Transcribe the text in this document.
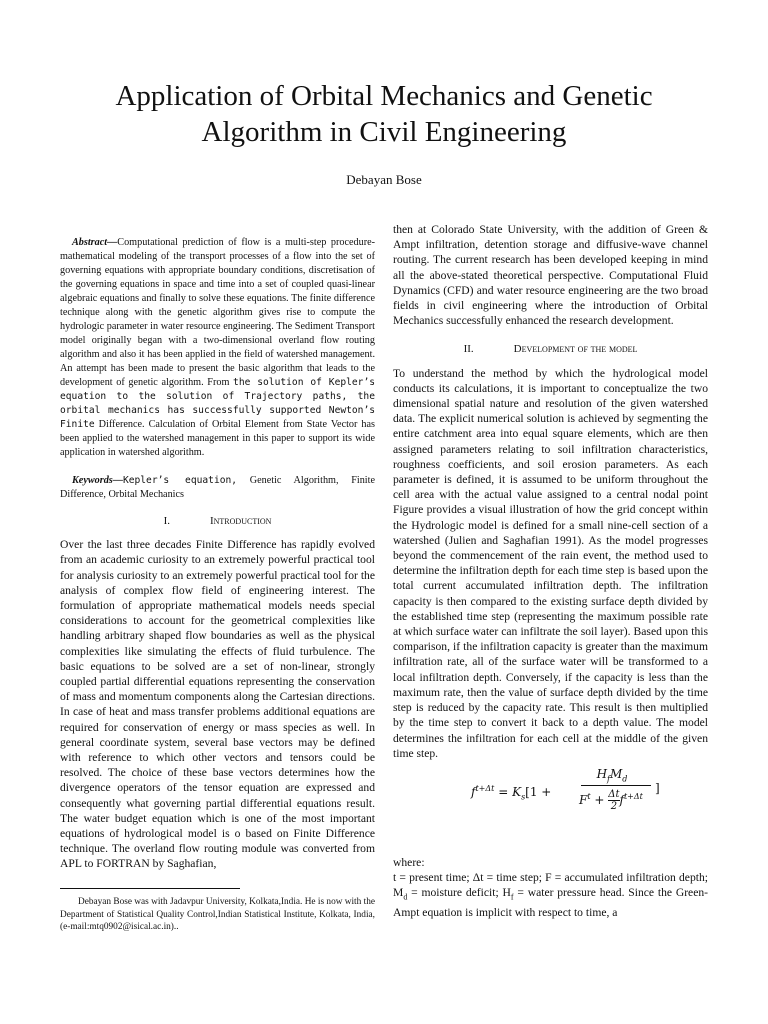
Application of Orbital Mechanics and Genetic Algorithm in Civil Engineering
Debayan Bose

Abstract—Computational prediction of flow is a multi-step procedure-mathematical modeling of the transport processes of a flow into the set of governing equations with appropriate boundary conditions, discretisation of the governing equations in space and time into a set of coupled quasi-linear algebraic equations and finally to solve these equations. The finite difference technique along with the genetic algorithm gives rise to compute the hydrologic parameter in water resource engineering. The Sediment Transport model originally began with a two-dimensional overland flow routing algorithm and also it has been applied in the field of watershed management. An attempt has been made to present the basic algorithm that leads to the development of genetic algorithm. From the solution of Kepler’s equation to the solution of Trajectory paths, the orbital mechanics has successfully supported Newton’s Finite Difference. Calculation of Orbital Element from State Vector has been applied to the watershed management in this paper to support its wide application in watershed algorithm.

Keywords—Kepler’s equation, Genetic Algorithm, Finite Difference, Orbital Mechanics

I.	Introduction

Over the last three decades Finite Difference has rapidly evolved from an academic curiosity to an extremely powerful practical tool for analysis curiosity to an extremely powerful practical tool for the analysis of complex flow field of engineering interest. The formulation of appropriate mathematical models needs special considerations to account for the geometrical complexities like handling arbitrary shaped flow boundaries as well as the physical complexities like simulating the effects of fluid turbulence. The basic equations to be solved are a set of non-linear, strongly coupled partial differential equations representing the conservation of mass and momentum components along the Cartesian directions. In case of heat and mass transfer problems additional equations are required for conservation of energy or mass species as well. In general coordinate system, several base vectors may be defined with reference to which other vectors and tensors could be resolved. The choice of these base vectors determines how the divergence operators of the tensor equation are expressed and consequently what governing partial differential equations result. The water budget equation which is one of the most important equations of hydrological model is o based on Finite Difference technique. The overland flow routing module was converted from APL to FORTRAN by Saghafian,

then at Colorado State University, with the addition of Green & Ampt infiltration, detention storage and diffusive-wave channel routing. The current research has been developed keeping in mind all the above-stated theoretical perspective. Computational Fluid Dynamics (CFD) and water resource engineering are the two broad fields in civil engineering where the introduction of Orbital Mechanics successfully enhanced the research development.

II.	Development of the model

To understand the method by which the hydrological model conducts its calculations, it is important to conceptualize the two dimensional spatial nature and resolution of the given watershed data. The explicit numerical solution is achieved by segmenting the entire catchment area into equal square elements, which are then assigned parameters relating to soil infiltration characteristics, roughness coefficients, and soil erosion parameters. As each parameter is defined, it is assumed to be uniform throughout the cell area with the actual value assigned to a central nodal point Figure provides a visual illustration of how the grid concept within the Hydrologic model is defined for a small nine-cell section of a watershed (Julien and Saghafian 1991). As the model progresses beyond the commencement of the rain event, the method used to determine the infiltration depth for each time step is based upon the total current accumulated infiltration depth. The infiltration capacity is then compared to the existing surface depth divided by the established time step (representing the maximum possible rate at which surface water can infiltrate the soil layer). Based upon this comparison, if the infiltration capacity is greater than the maximum infiltration rate, all of the surface water will be transformed to a local infiltration depth. Conversely, if the capacity is less than the maximum rate, then the value of surface depth divided by the time step is reduced by the capacity rate. This result is then multiplied by the time step to convert it back to a depth value. The model determines the infiltration for each cell at the middle of the given time step.

$f^{t+\Delta t} = K_s[1$ +
$H_fM_d$
$F^t + \frac{\Delta t}{2} f^{t+\Delta t}$
]

where:

t = present time; Δt = time step; F = accumulated infiltration depth; $M_d$ = moisture deficit; $H_f$ = water pressure head. Since the Green-Ampt equation is implicit with respect to time, a

Debayan Bose was with Jadavpur University, Kolkata,India. He is now with the Department of Statistical Quality Control,Indian Statistical Institute, Kolkata, India, (e-mail:mtq0902@isical.ac.in)..
